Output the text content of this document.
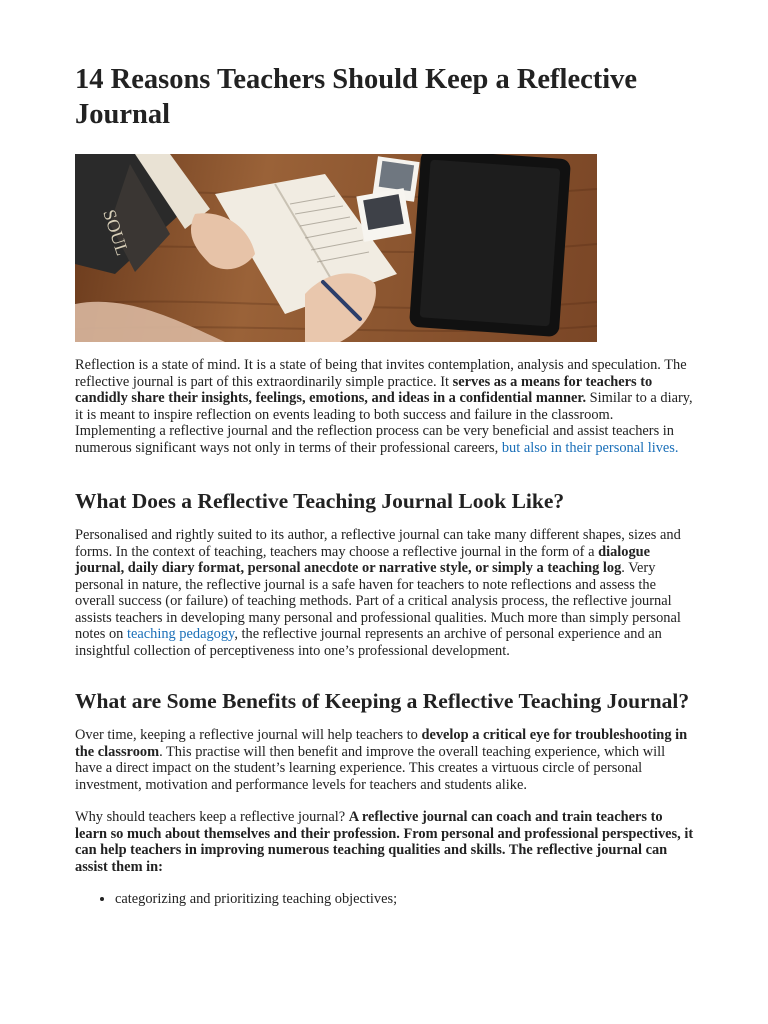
14 Reasons Teachers Should Keep a Reflective Journal
SOUL

Reflection is a state of mind. It is a state of being that invites contemplation, analysis and speculation. The reflective journal is part of this extraordinarily simple practice. It serves as a means for teachers to candidly share their insights, feelings, emotions, and ideas in a confidential manner. Similar to a diary, it is meant to inspire reflection on events leading to both success and failure in the classroom. Implementing a reflective journal and the reflection process can be very beneficial and assist teachers in numerous significant ways not only in terms of their professional careers, but also in their personal lives.

What Does a Reflective Teaching Journal Look Like?

Personalised and rightly suited to its author, a reflective journal can take many different shapes, sizes and forms. In the context of teaching, teachers may choose a reflective journal in the form of a dialogue journal, daily diary format, personal anecdote or narrative style, or simply a teaching log. Very personal in nature, the reflective journal is a safe haven for teachers to note reflections and assess the overall success (or failure) of teaching methods. Part of a critical analysis process, the reflective journal assists teachers in developing many personal and professional qualities. Much more than simply personal notes on teaching pedagogy, the reflective journal represents an archive of personal experience and an insightful collection of perceptiveness into one’s professional development.

What are Some Benefits of Keeping a Reflective Teaching Journal?

Over time, keeping a reflective journal will help teachers to develop a critical eye for troubleshooting in the classroom. This practise will then benefit and improve the overall teaching experience, which will have a direct impact on the student’s learning experience. This creates a virtuous circle of personal investment, motivation and performance levels for teachers and students alike.

Why should teachers keep a reflective journal? A reflective journal can coach and train teachers to learn so much about themselves and their profession. From personal and professional perspectives, it can help teachers in improving numerous teaching qualities and skills. The reflective journal can assist them in:

• categorizing and prioritizing teaching objectives;
